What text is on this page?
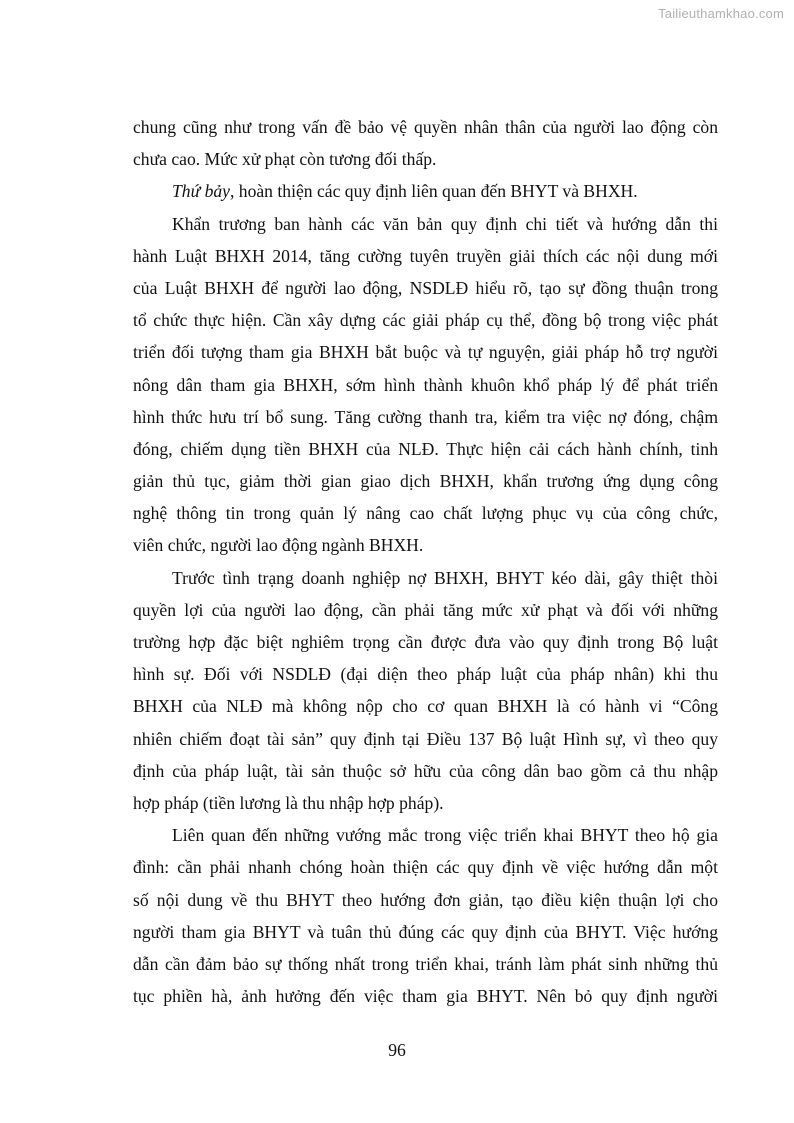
Tailieuthamkhao.com
chung cũng như trong vấn đề bảo vệ quyền nhân thân của người lao động còn
chưa cao. Mức xử phạt còn tương đối thấp.
Thứ bảy, hoàn thiện các quy định liên quan đến BHYT và BHXH.
Khẩn trương ban hành các văn bản quy định chi tiết và hướng dẫn thi
hành Luật BHXH 2014, tăng cường tuyên truyền giải thích các nội dung mới
của Luật BHXH để người lao động, NSDLĐ hiểu rõ, tạo sự đồng thuận trong
tổ chức thực hiện. Cần xây dựng các giải pháp cụ thể, đồng bộ trong việc phát
triển đối tượng tham gia BHXH bắt buộc và tự nguyện, giải pháp hỗ trợ người
nông dân tham gia BHXH, sớm hình thành khuôn khổ pháp lý để phát triển
hình thức hưu trí bổ sung. Tăng cường thanh tra, kiểm tra việc nợ đóng, chậm
đóng, chiếm dụng tiền BHXH của NLĐ. Thực hiện cải cách hành chính, tinh
giản thủ tục, giảm thời gian giao dịch BHXH, khẩn trương ứng dụng công
nghệ thông tin trong quản lý nâng cao chất lượng phục vụ của công chức,
viên chức, người lao động ngành BHXH.
Trước tình trạng doanh nghiệp nợ BHXH, BHYT kéo dài, gây thiệt thòi
quyền lợi của người lao động, cần phải tăng mức xử phạt và đối với những
trường hợp đặc biệt nghiêm trọng cần được đưa vào quy định trong Bộ luật
hình sự. Đối với NSDLĐ (đại diện theo pháp luật của pháp nhân) khi thu
BHXH của NLĐ mà không nộp cho cơ quan BHXH là có hành vi “Công
nhiên chiếm đoạt tài sản” quy định tại Điều 137 Bộ luật Hình sự, vì theo quy
định của pháp luật, tài sản thuộc sở hữu của công dân bao gồm cả thu nhập
hợp pháp (tiền lương là thu nhập hợp pháp).
Liên quan đến những vướng mắc trong việc triển khai BHYT theo hộ gia
đình: cần phải nhanh chóng hoàn thiện các quy định về việc hướng dẫn một
số nội dung về thu BHYT theo hướng đơn giản, tạo điều kiện thuận lợi cho
người tham gia BHYT và tuân thủ đúng các quy định của BHYT. Việc hướng
dẫn cần đảm bảo sự thống nhất trong triển khai, tránh làm phát sinh những thủ
tục phiền hà, ảnh hưởng đến việc tham gia BHYT. Nên bỏ quy định người
96
